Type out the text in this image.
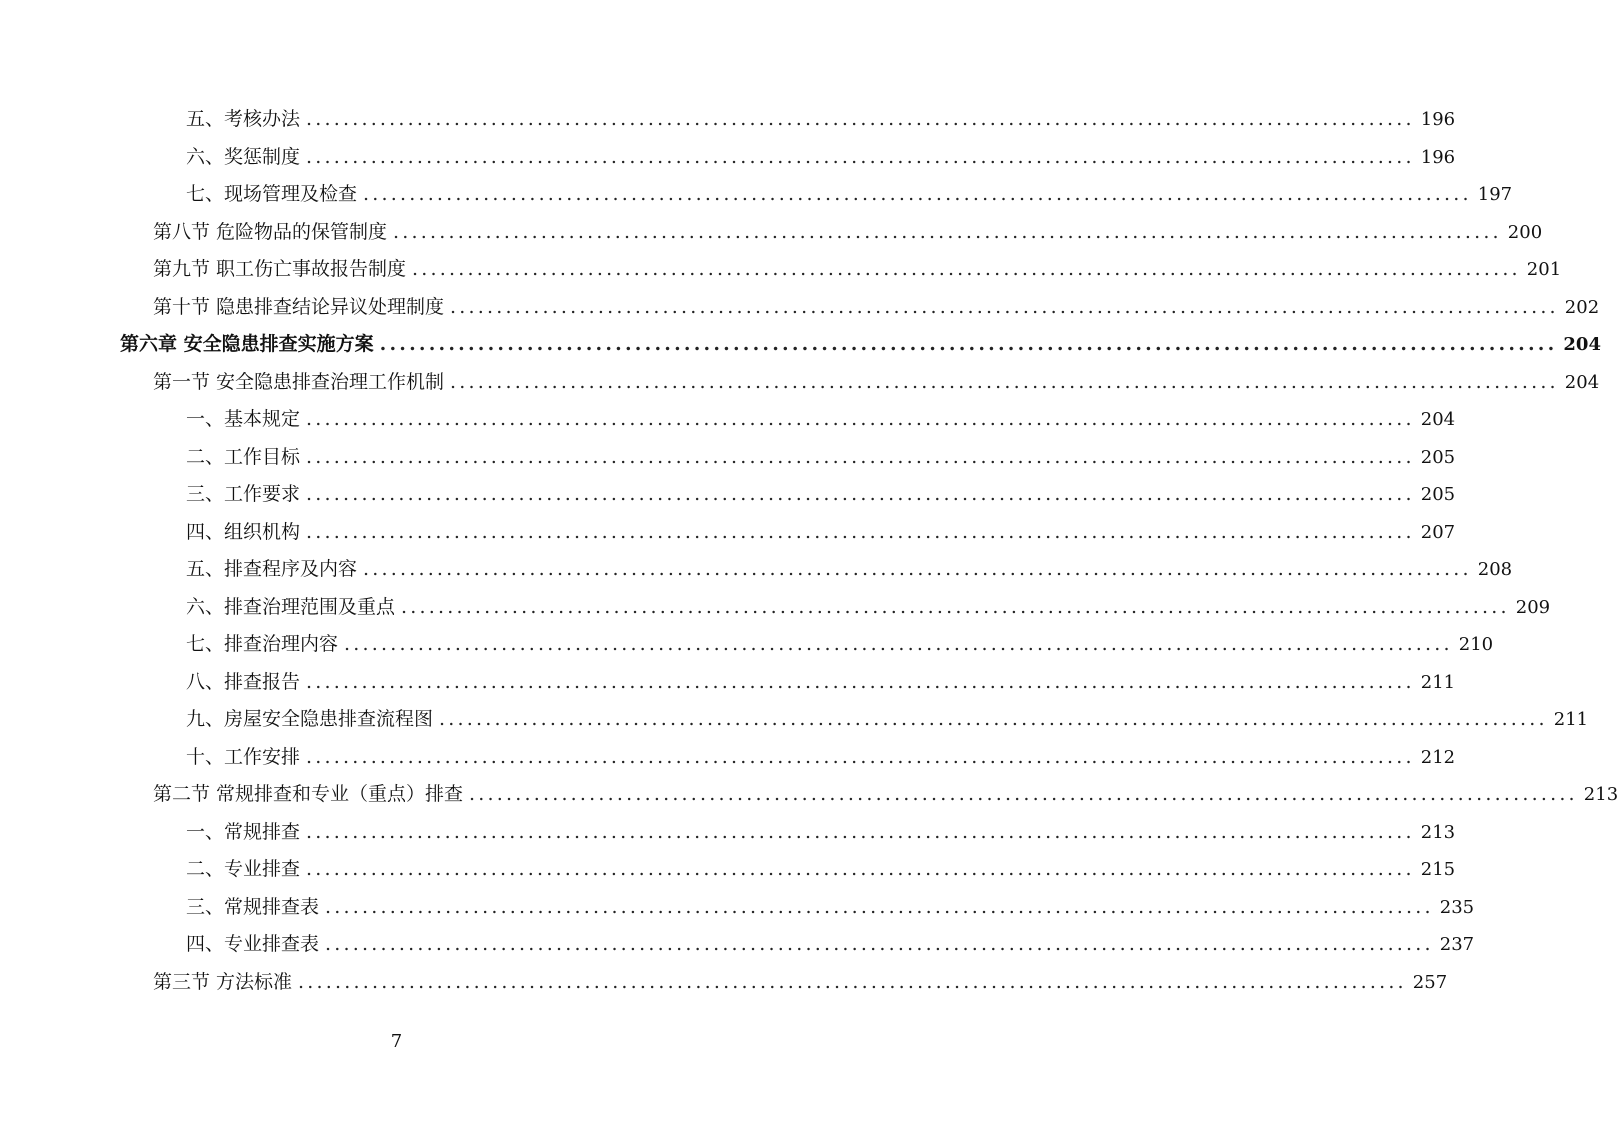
五、考核办法 ........................................................................................................................ 196
六、奖惩制度 ........................................................................................................................ 196
七、现场管理及检查 ........................................................................................................................ 197
第八节 危险物品的保管制度 ........................................................................................................................ 200
第九节 职工伤亡事故报告制度 ........................................................................................................................ 201
第十节 隐患排查结论异议处理制度 ........................................................................................................................ 202
第六章 安全隐患排查实施方案 ........................................................................................................................ 204
第一节 安全隐患排查治理工作机制 ........................................................................................................................ 204
一、基本规定 ........................................................................................................................ 204
二、工作目标 ........................................................................................................................ 205
三、工作要求 ........................................................................................................................ 205
四、组织机构 ........................................................................................................................ 207
五、排查程序及内容 ........................................................................................................................ 208
六、排查治理范围及重点 ........................................................................................................................ 209
七、排查治理内容 ........................................................................................................................ 210
八、排查报告 ........................................................................................................................ 211
九、房屋安全隐患排查流程图 ........................................................................................................................ 211
十、工作安排 ........................................................................................................................ 212
第二节 常规排查和专业（重点）排查 ........................................................................................................................ 213
一、常规排查 ........................................................................................................................ 213
二、专业排查 ........................................................................................................................ 215
三、常规排查表 ........................................................................................................................ 235
四、专业排查表 ........................................................................................................................ 237
第三节 方法标准 ........................................................................................................................ 257
7
